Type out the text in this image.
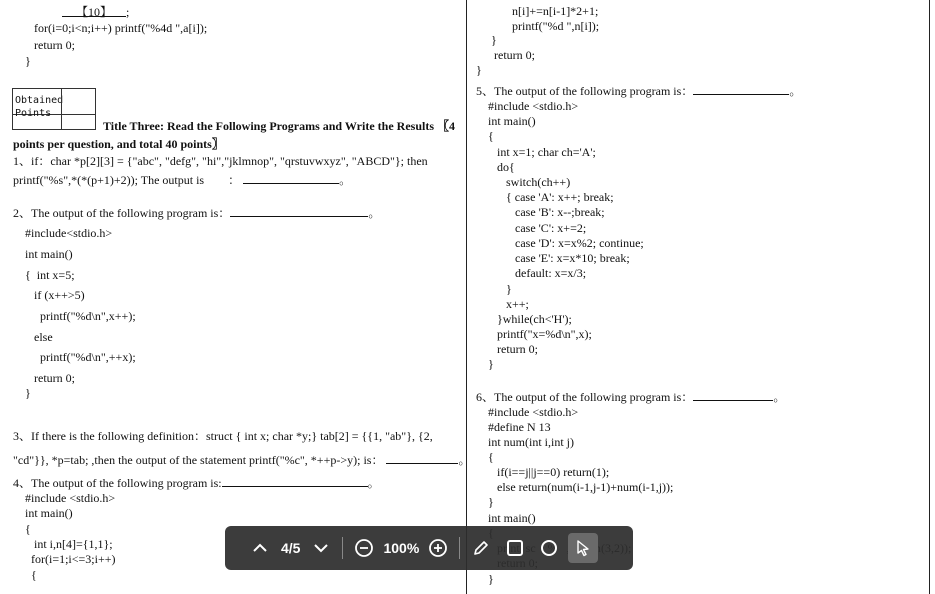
【10】 ;
for(i=0;i<n;i++) printf("%4d ",a[i]);
return 0;
}
Obtained
Points
Title Three: Read the Following Programs and Write the Results 〖4
points per question, and total 40 points〗
1、if：char *p[2][3] = {"abc", "defg", "hi","jklmnop", "qrstuvwxyz", "ABCD"}; then
printf("%s",*(*(p+1)+2)); The output is        ：	。
2、The output of the following program is：	。
#include<stdio.h>
int main()
{  int x=5;
if (x++>5)
printf("%d\n",x++);
else
printf("%d\n",++x);
return 0;
}
3、If there is the following definition：struct { int x; char *y;} tab[2] = {{1, "ab"}, {2,
"cd"}}, *p=tab; ,then the output of the statement printf("%c", *++p->y); is：	。
4、The output of the following program is:	。
#include <stdio.h>
int main()
{
int i,n[4]={1,1};
for(i=1;i<=3;i++)
{
n[i]+=n[i-1]*2+1;
printf("%d ",n[i]);
}
return 0;
}
5、The output of the following program is：	。
#include <stdio.h>
int main()
{
int x=1; char ch='A';
do{
switch(ch++)
{ case 'A': x++; break;
case 'B': x--;break;
case 'C': x+=2;
case 'D': x=x%2; continue;
case 'E': x=x*10; break;
default: x=x/3;
}
x++;
}while(ch<'H');
printf("x=%d\n",x);
return 0;
}
6、The output of the following program is：	。
#include <stdio.h>
#define N 13
int num(int i,int j)
{
if(i==j||j==0) return(1);
else return(num(i-1,j-1)+num(i-1,j));
}
int main()
}
4/5	100%
